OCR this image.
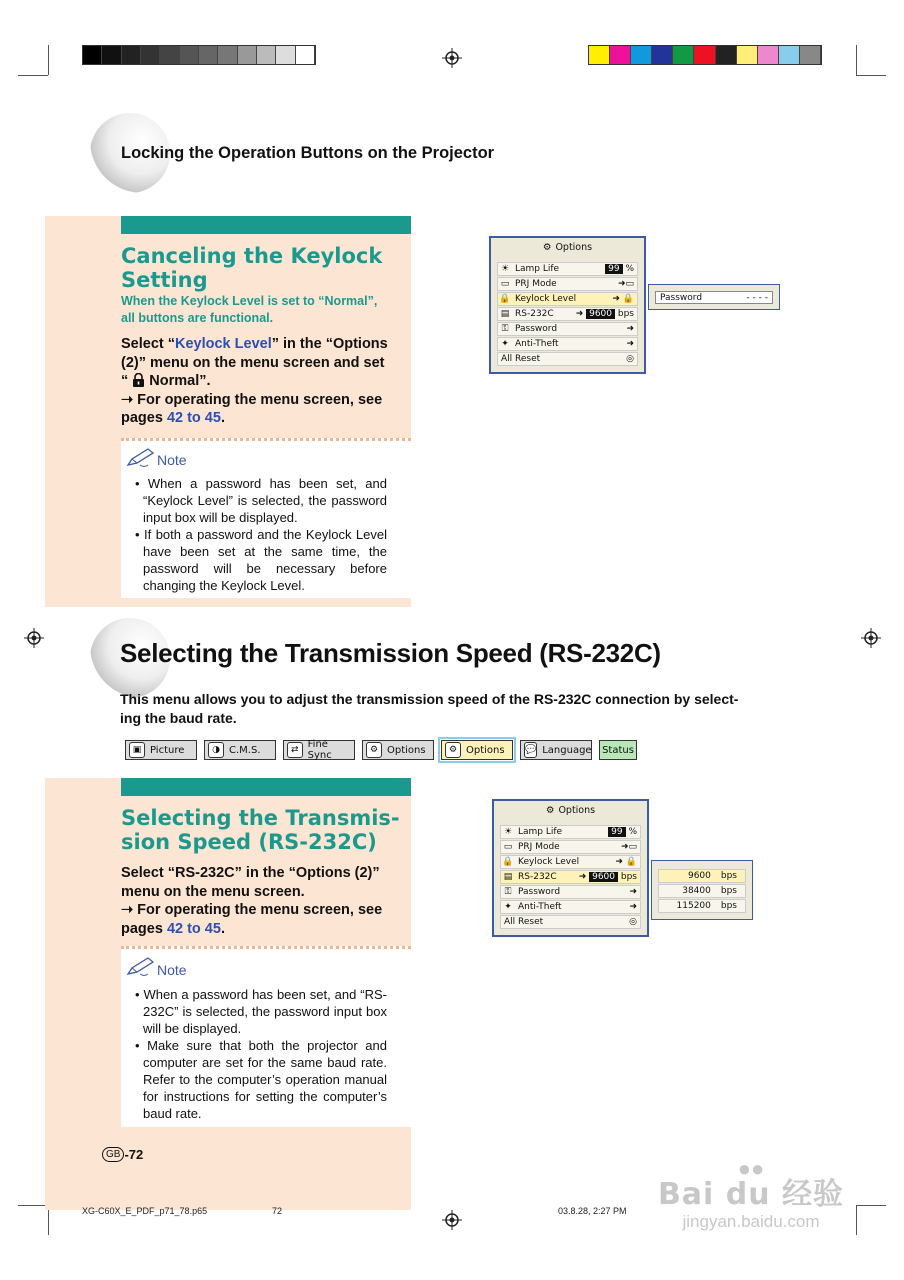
Locking the Operation Buttons on the Projector
Canceling the Keylock
Setting
When the Keylock Level is set to “Normal”,
all buttons are functional.
Select “Keylock Level” in the “Options
(2)” menu on the menu screen and set
“  Normal”.
➝ For operating the menu screen, see
pages 42 to 45.
Note
• When a password has been set, and “Keylock Level” is selected, the password input box will be displayed.
• If both a password and the Keylock Level have been set at the same time, the password will be necessary before changing the Keylock Level.
⚙ Options
☀ Lamp Life	99 %
▭ PRJ Mode	➜▭
🔒 Keylock Level	➜ 🔒
▤ RS-232C	➜ 9600 bps
⚿ Password	➜
✦ Anti-Theft	➜
All Reset	◎
Password	- - - -
Selecting the Transmission Speed (RS-232C)
This menu allows you to adjust the transmission speed of the RS-232C connection by select-
ing the baud rate.
▣ Picture	◑ C.M.S.	⇄ Fine Sync	⚙ Options	⚙ Options 💬 Language Status
Selecting the Transmis-
sion Speed (RS-232C)
Select “RS-232C” in the “Options (2)”
menu on the menu screen.
➝ For operating the menu screen, see
pages 42 to 45.
Note
• When a password has been set, and “RS-232C” is selected, the password input box will be displayed.
• Make sure that both the projector and computer are set for the same baud rate. Refer to the computer’s operation manual for instructions for setting the computer’s baud rate.
⚙ Options
☀ Lamp Life	99 %
▭ PRJ Mode	➜▭
🔒 Keylock Level	➜ 🔒
▤ RS-232C	➜ 9600 bps
⚿ Password	➜
✦ Anti-Theft	➜
All Reset	◎
9600 bps
38400 bps
115200 bps
GB -72
XG-C60X_E_PDF_p71_78.p65	72	03.8.28, 2:27 PM
●●
Bai du 经验
jingyan.baidu.com
